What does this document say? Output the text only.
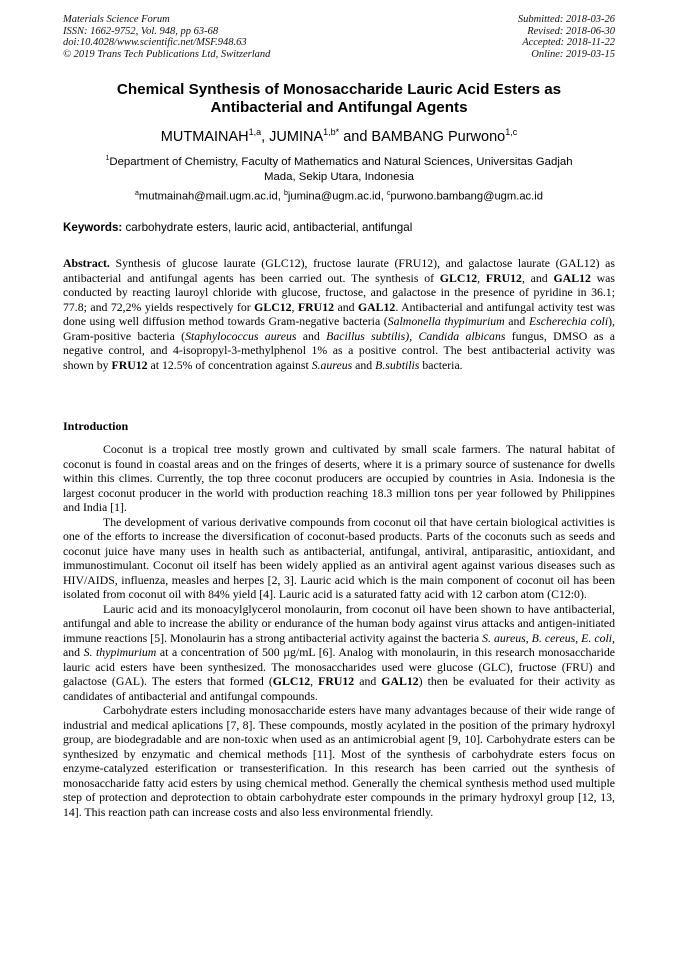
Materials Science Forum
ISSN: 1662-9752, Vol. 948, pp 63-68
doi:10.4028/www.scientific.net/MSF.948.63
© 2019 Trans Tech Publications Ltd, Switzerland
Submitted: 2018-03-26
Revised: 2018-06-30
Accepted: 2018-11-22
Online: 2019-03-15
Chemical Synthesis of Monosaccharide Lauric Acid Esters as
Antibacterial and Antifungal Agents
MUTMAINAH$^{1,a}$, $JUMINA^{1,b*}$ and BAMBANG Purwono$^{1,c}$
$^1$Department of Chemistry, Faculty of Mathematics and Natural Sciences, Universitas Gadjah Mada, Sekip Utara, Indonesia
$^a$mutmainah@mail.ugm.ac.id, $^b$jumina@ugm.ac.id, $^c$purwono.bambang@ugm.ac.id
Keywords: carbohydrate esters, lauric acid, antibacterial, antifungal

Abstract. Synthesis of glucose laurate (GLC12), fructose laurate (FRU12), and galactose laurate (GAL12) as antibacterial and antifungal agents has been carried out. The synthesis of GLC12, FRU12, and GAL12 was conducted by reacting lauroyl chloride with glucose, fructose, and galactose in the presence of pyridine in 36.1; 77.8; and 72,2% yields respectively for GLC12, FRU12 and GAL12. Antibacterial and antifungal activity test was done using well diffusion method towards Gram-negative bacteria (Salmonella thypimurium and Escherechia coli), Gram-positive bacteria (Staphylococcus aureus and Bacillus subtilis), Candida albicans fungus, DMSO as a negative control, and 4-isopropyl-3-methylphenol 1% as a positive control. The best antibacterial activity was shown by FRU12 at 12.5% of concentration against S.aureus and B.subtilis bacteria.

Introduction

Coconut is a tropical tree mostly grown and cultivated by small scale farmers. The natural habitat of coconut is found in coastal areas and on the fringes of deserts, where it is a primary source of sustenance for dwells within this climes. Currently, the top three coconut producers are occupied by countries in Asia. Indonesia is the largest coconut producer in the world with production reaching 18.3 million tons per year followed by Philippines and India [1].

The development of various derivative compounds from coconut oil that have certain biological activities is one of the efforts to increase the diversification of coconut-based products. Parts of the coconuts such as seeds and coconut juice have many uses in health such as antibacterial, antifungal, antiviral, antiparasitic, antioxidant, and immunostimulant. Coconut oil itself has been widely applied as an antiviral agent against various diseases such as HIV/AIDS, influenza, measles and herpes [2, 3]. Lauric acid which is the main component of coconut oil has been isolated from coconut oil with 84% yield [4]. Lauric acid is a saturated fatty acid with 12 carbon atom (C12:0).

Lauric acid and its monoacylglycerol monolaurin, from coconut oil have been shown to have antibacterial, antifungal and able to increase the ability or endurance of the human body against virus attacks and antigen-initiated immune reactions [5]. Monolaurin has a strong antibacterial activity against the bacteria S. aureus, B. cereus, E. coli, and S. thypimurium at a concentration of 500 µg/mL [6]. Analog with monolaurin, in this research monosaccharide lauric acid esters have been synthesized. The monosaccharides used were glucose (GLC), fructose (FRU) and galactose (GAL). The esters that formed (GLC12, FRU12 and GAL12) then be evaluated for their activity as candidates of antibacterial and antifungal compounds.

Carbohydrate esters including monosaccharide esters have many advantages because of their wide range of industrial and medical aplications [7, 8]. These compounds, mostly acylated in the position of the primary hydroxyl group, are biodegradable and are non-toxic when used as an antimicrobial agent [9, 10]. Carbohydrate esters can be synthesized by enzymatic and chemical methods [11]. Most of the synthesis of carbohydrate esters focus on enzyme-catalyzed esterification or transesterification. In this research has been carried out the synthesis of monosaccharide fatty acid esters by using chemical method. Generally the chemical synthesis method used multiple step of protection and deprotection to obtain carbohydrate ester compounds in the primary hydroxyl group [12, 13, 14]. This reaction path can increase costs and also less environmental friendly.
